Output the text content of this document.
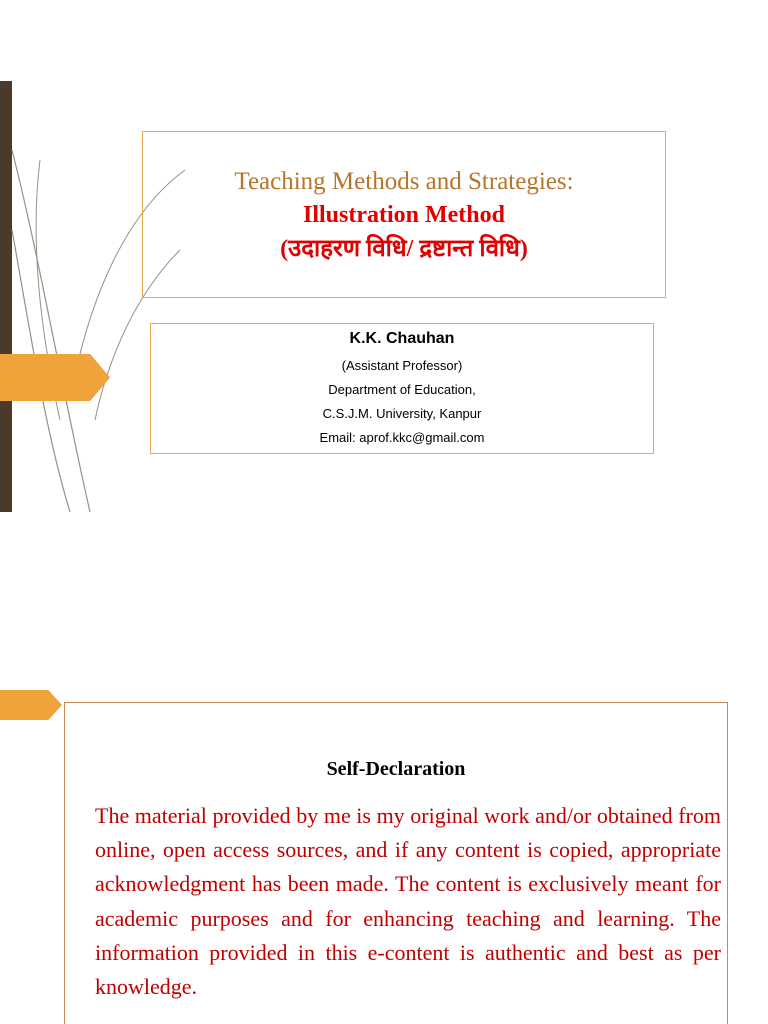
Teaching Methods and Strategies:
Illustration Method
(उदाहरण विधि/ द्रष्टान्त विधि)
K.K. Chauhan
(Assistant Professor)
Department of Education,
C.S.J.M. University, Kanpur
Email: aprof.kkc@gmail.com
Self-Declaration
The material provided by me is my original work and/or obtained from online, open access sources, and if any content is copied, appropriate acknowledgment has been made. The content is exclusively meant for academic purposes and for enhancing teaching and learning. The information provided in this e-content is authentic and best as per knowledge.
